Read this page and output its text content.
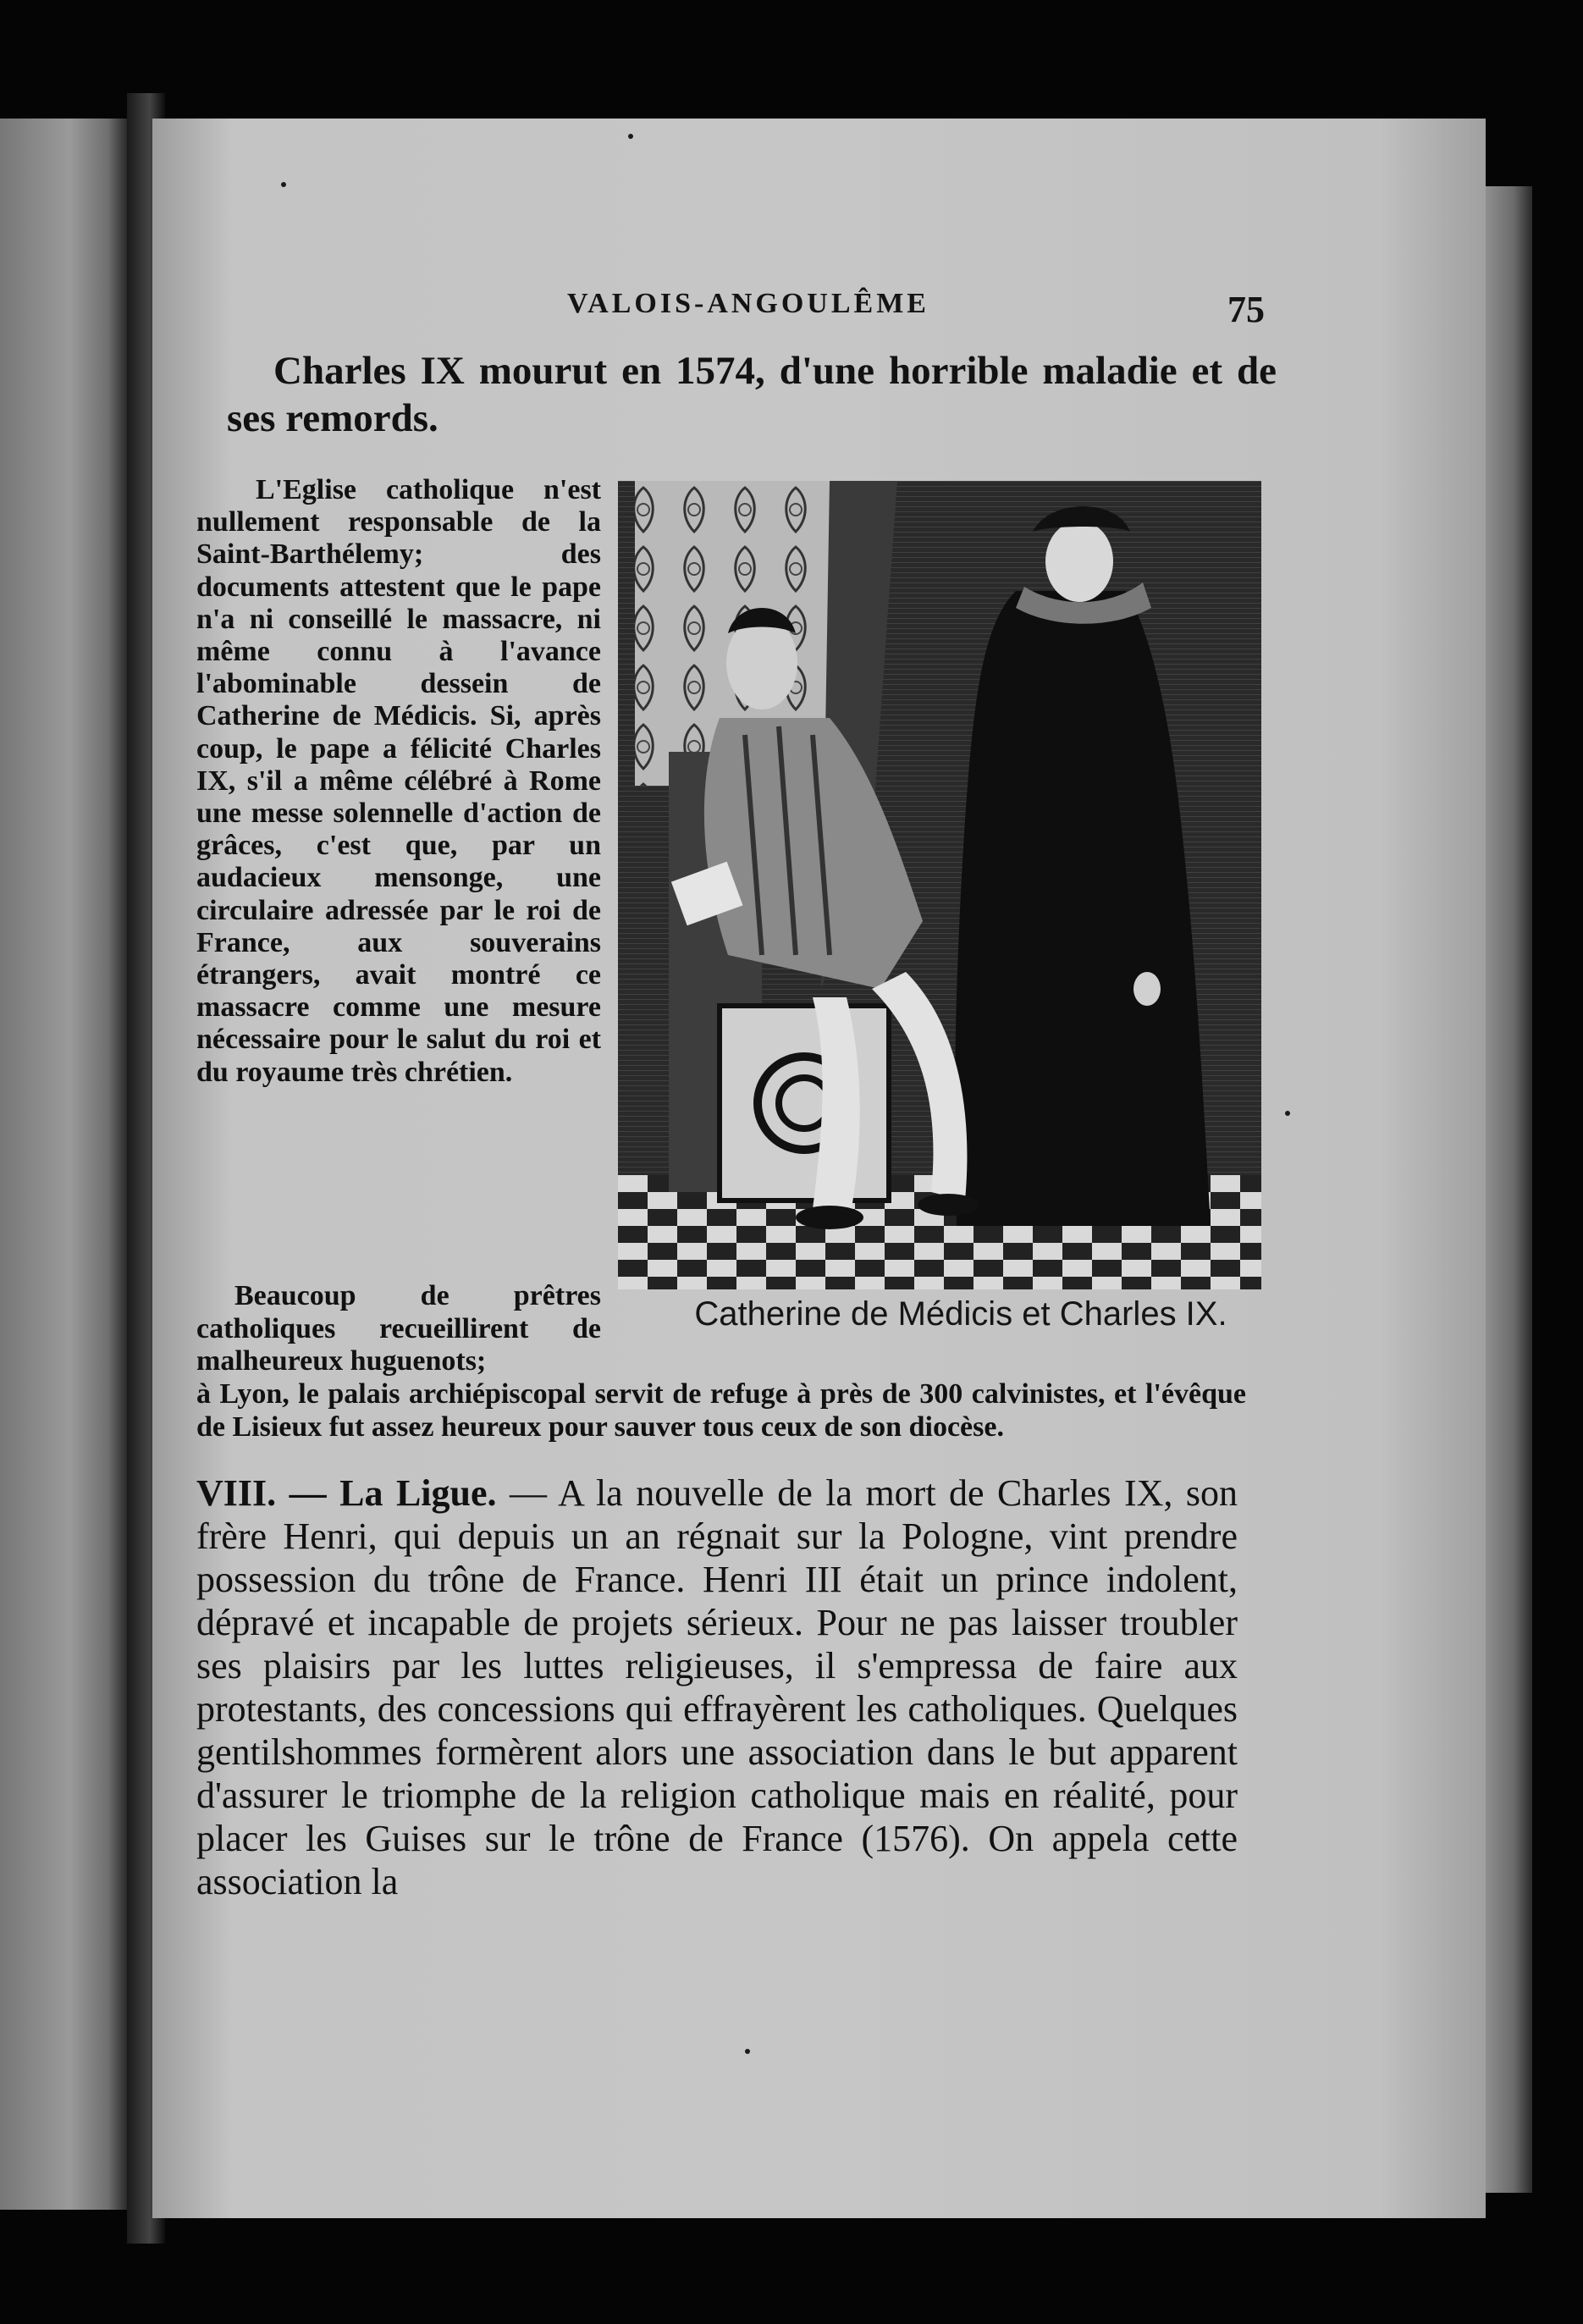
VALOIS-ANGOULÊME	75

Charles IX mourut en 1574, d'une horrible maladie et de ses remords.

L'Eglise catholique n'est nullement responsable de la Saint-Barthélemy; des documents attestent que le pape n'a ni conseillé le massacre, ni même connu à l'avance l'abominable dessein de Catherine de Médicis. Si, après coup, le pape a félicité Charles IX, s'il a même célébré à Rome une messe solennelle d'action de grâces, c'est que, par un audacieux mensonge, une circulaire adressée par le roi de France, aux souverains étrangers, avait montré ce massacre comme une mesure nécessaire pour le salut du roi et du royaume très chrétien.

Catherine de Médicis et Charles IX.

Beaucoup de prêtres catholiques recueillirent de malheureux huguenots;

à Lyon, le palais archiépiscopal servit de refuge à près de 300 calvinistes, et l'évêque de Lisieux fut assez heureux pour sauver tous ceux de son diocèse.

VIII. — La Ligue. — A la nouvelle de la mort de Charles IX, son frère Henri, qui depuis un an régnait sur la Pologne, vint prendre possession du trône de France. Henri III était un prince indolent, dépravé et incapable de projets sérieux. Pour ne pas laisser troubler ses plaisirs par les luttes religieuses, il s'empressa de faire aux protestants, des concessions qui effrayèrent les catholiques. Quelques gentilshommes formèrent alors une association dans le but apparent d'assurer le triomphe de la religion catholique mais en réalité, pour placer les Guises sur le trône de France (1576). On appela cette association la
